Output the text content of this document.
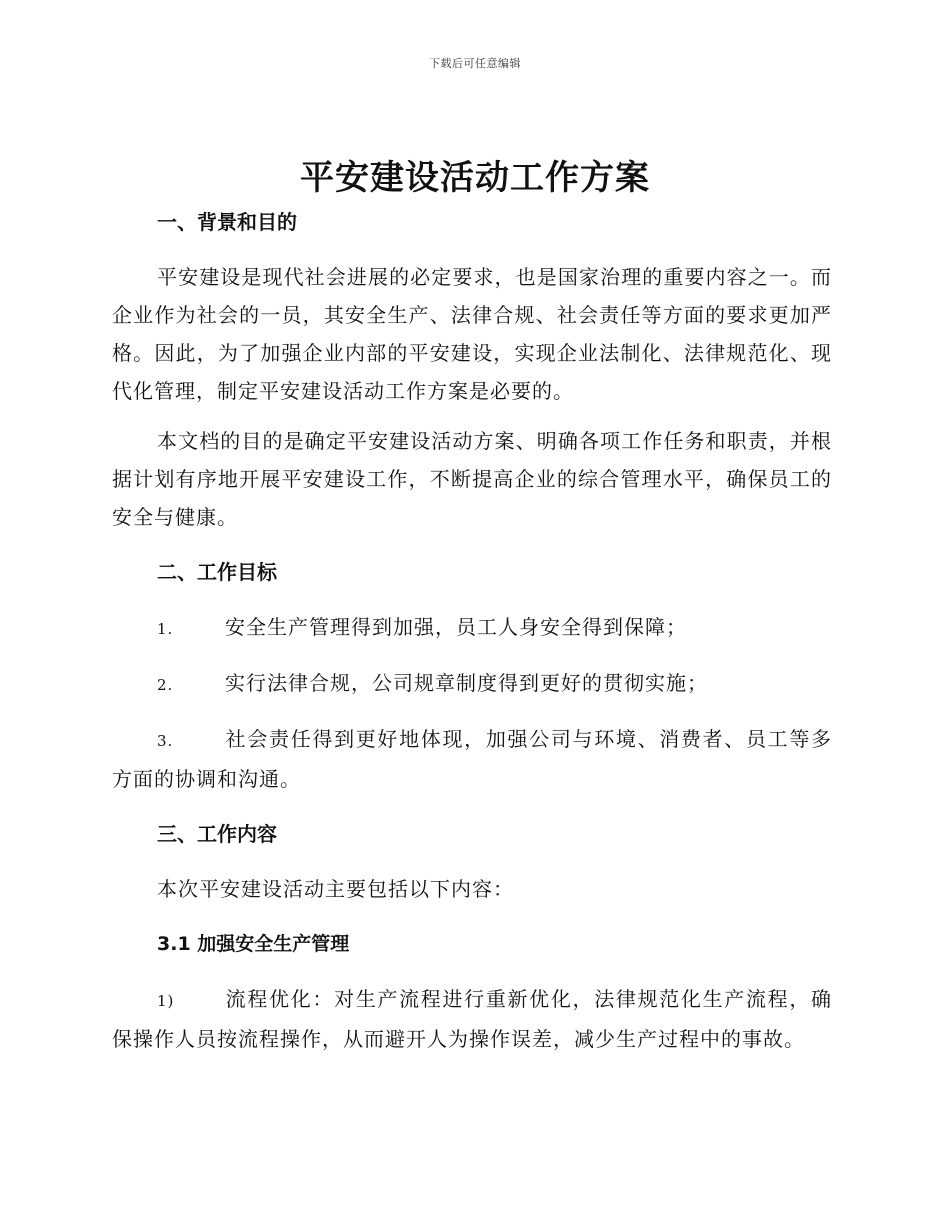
下载后可任意编辑
平安建设活动工作方案
一、背景和目的
平安建设是现代社会进展的必定要求，也是国家治理的重要内容之一。而企业作为社会的一员，其安全生产、法律合规、社会责任等方面的要求更加严格。因此，为了加强企业内部的平安建设，实现企业法制化、法律规范化、现代化管理，制定平安建设活动工作方案是必要的。
本文档的目的是确定平安建设活动方案、明确各项工作任务和职责，并根据计划有序地开展平安建设工作，不断提高企业的综合管理水平，确保员工的安全与健康。
二、工作目标
1.	安全生产管理得到加强，员工人身安全得到保障；
2.	实行法律合规，公司规章制度得到更好的贯彻实施；
3.	社会责任得到更好地体现，加强公司与环境、消费者、员工等多方面的协调和沟通。
三、工作内容
本次平安建设活动主要包括以下内容：
3.1 加强安全生产管理
1)	流程优化：对生产流程进行重新优化，法律规范化生产流程，确保操作人员按流程操作，从而避开人为操作误差，减少生产过程中的事故。
